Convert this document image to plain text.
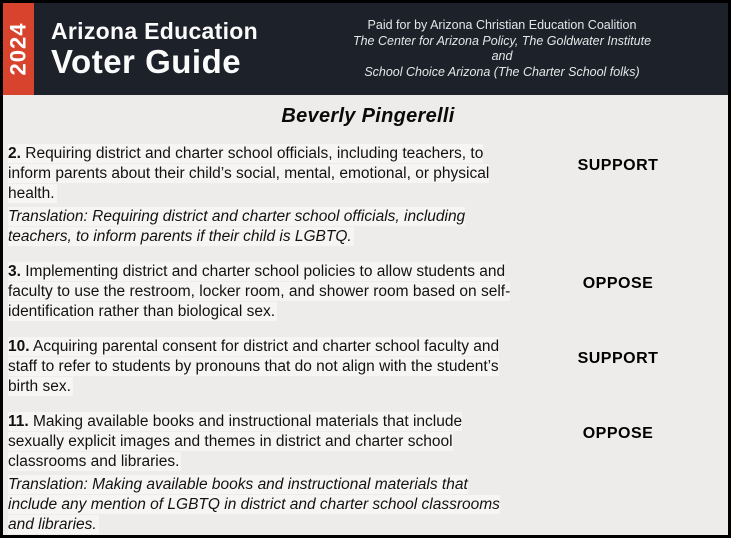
2024 Arizona Education
Voter Guide
Paid for by Arizona Christian Education Coalition
The Center for Arizona Policy, The Goldwater Institute
and
School Choice Arizona (The Charter School folks)
Beverly Pingerelli

2. Requiring district and charter school officials, including teachers, to inform parents about their child’s social, mental, emotional, or physical health.

Translation: Requiring district and charter school officials, including teachers, to inform parents if their child is LGBTQ.

SUPPORT

3. Implementing district and charter school policies to allow students and faculty to use the restroom, locker room, and shower room based on self-identification rather than biological sex.

OPPOSE

10. Acquiring parental consent for district and charter school faculty and staff to refer to students by pronouns that do not align with the student’s birth sex.

SUPPORT

11. Making available books and instructional materials that include sexually explicit images and themes in district and charter school classrooms and libraries.

Translation: Making available books and instructional materials that include any mention of LGBTQ in district and charter school classrooms and libraries.

OPPOSE
